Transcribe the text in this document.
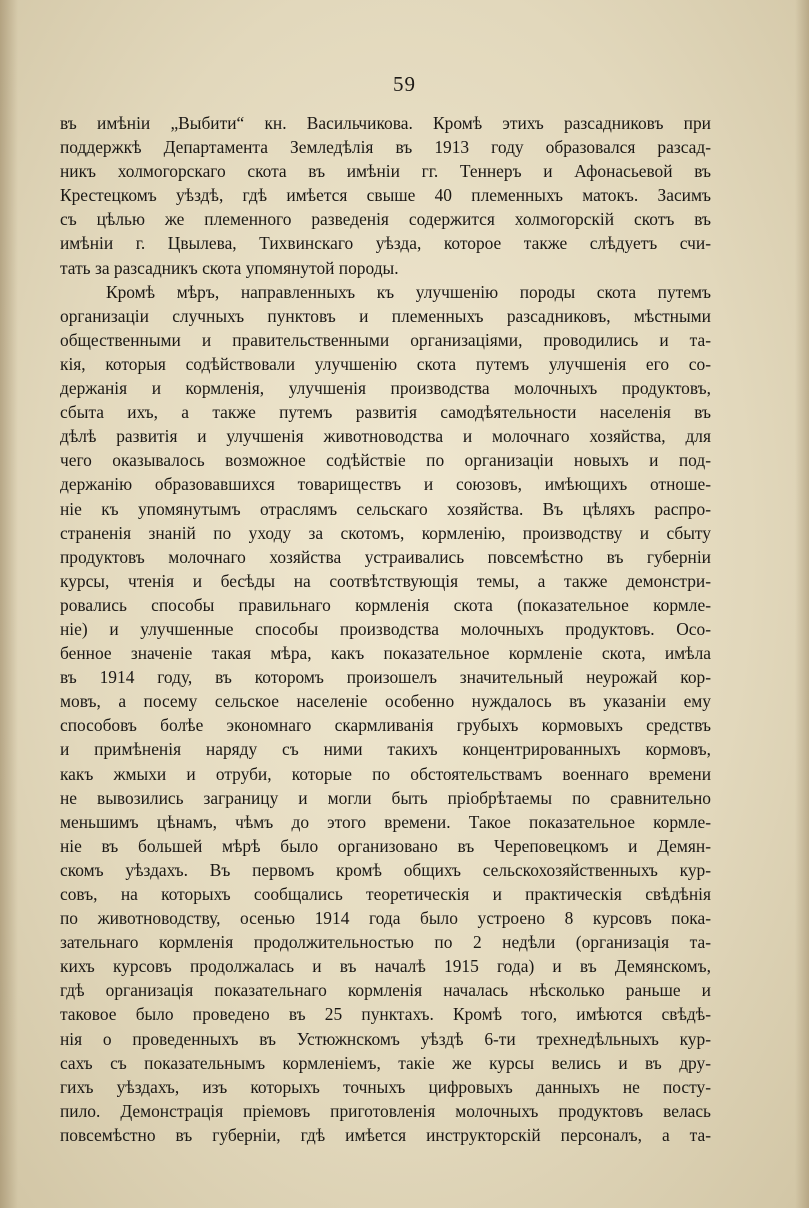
59
въ имѣніи „Выбити“ кн. Васильчикова. Кромѣ этихъ разсадниковъ при
поддержкѣ Департамента Земледѣлія въ 1913 году образовался разсад-
никъ холмогорскаго скота въ имѣніи гг. Теннеръ и Афонасьевой въ
Крестецкомъ уѣздѣ, гдѣ имѣется свыше 40 племенныхъ матокъ. Засимъ
съ цѣлью же племенного разведенія содержится холмогорскій скотъ въ
имѣніи г. Цвылева, Тихвинскаго уѣзда, которое также слѣдуетъ счи-
тать за разсадникъ скота упомянутой породы.
Кромѣ мѣръ, направленныхъ къ улучшенію породы скота путемъ
организаціи случныхъ пунктовъ и племенныхъ разсадниковъ, мѣстными
общественными и правительственными организаціями, проводились и та-
кія, которыя содѣйствовали улучшенію скота путемъ улучшенія его со-
держанія и кормленія, улучшенія производства молочныхъ продуктовъ,
сбыта ихъ, а также путемъ развитія самодѣятельности населенія въ
дѣлѣ развитія и улучшенія животноводства и молочнаго хозяйства, для
чего оказывалось возможное содѣйствіе по организаціи новыхъ и под-
держанію образовавшихся товариществъ и союзовъ, имѣющихъ отноше-
ніе къ упомянутымъ отраслямъ сельскаго хозяйства. Въ цѣляхъ распро-
страненія знаній по уходу за скотомъ, кормленію, производству и сбыту
продуктовъ молочнаго хозяйства устраивались повсемѣстно въ губерніи
курсы, чтенія и бесѣды на соотвѣтствующія темы, а также демонстри-
ровались способы правильнаго кормленія скота (показательное кормле-
ніе) и улучшенные способы производства молочныхъ продуктовъ. Осо-
бенное значеніе такая мѣра, какъ показательное кормленіе скота, имѣла
въ 1914 году, въ которомъ произошелъ значительный неурожай кор-
мовъ, а посему сельское населеніе особенно нуждалось въ указаніи ему
способовъ болѣе экономнаго скармливанія грубыхъ кормовыхъ средствъ
и примѣненія наряду съ ними такихъ концентрированныхъ кормовъ,
какъ жмыхи и отруби, которые по обстоятельствамъ военнаго времени
не вывозились заграницу и могли быть пріобрѣтаемы по сравнительно
меньшимъ цѣнамъ, чѣмъ до этого времени. Такое показательное кормле-
ніе въ большей мѣрѣ было организовано въ Череповецкомъ и Демян-
скомъ уѣздахъ. Въ первомъ кромѣ общихъ сельскохозяйственныхъ кур-
совъ, на которыхъ сообщались теоретическія и практическія свѣдѣнія
по животноводству, осенью 1914 года было устроено 8 курсовъ пока-
зательнаго кормленія продолжительностью по 2 недѣли (организація та-
кихъ курсовъ продолжалась и въ началѣ 1915 года) и въ Демянскомъ,
гдѣ организація показательнаго кормленія началась нѣсколько раньше и
таковое было проведено въ 25 пунктахъ. Кромѣ того, имѣются свѣдѣ-
нія о проведенныхъ въ Устюжнскомъ уѣздѣ 6-ти трехнедѣльныхъ кур-
сахъ съ показательнымъ кормленіемъ, такіе же курсы велись и въ дру-
гихъ уѣздахъ, изъ которыхъ точныхъ цифровыхъ данныхъ не посту-
пило. Демонстрація пріемовъ приготовленія молочныхъ продуктовъ велась
повсемѣстно въ губерніи, гдѣ имѣется инструкторскій персоналъ, а та-
